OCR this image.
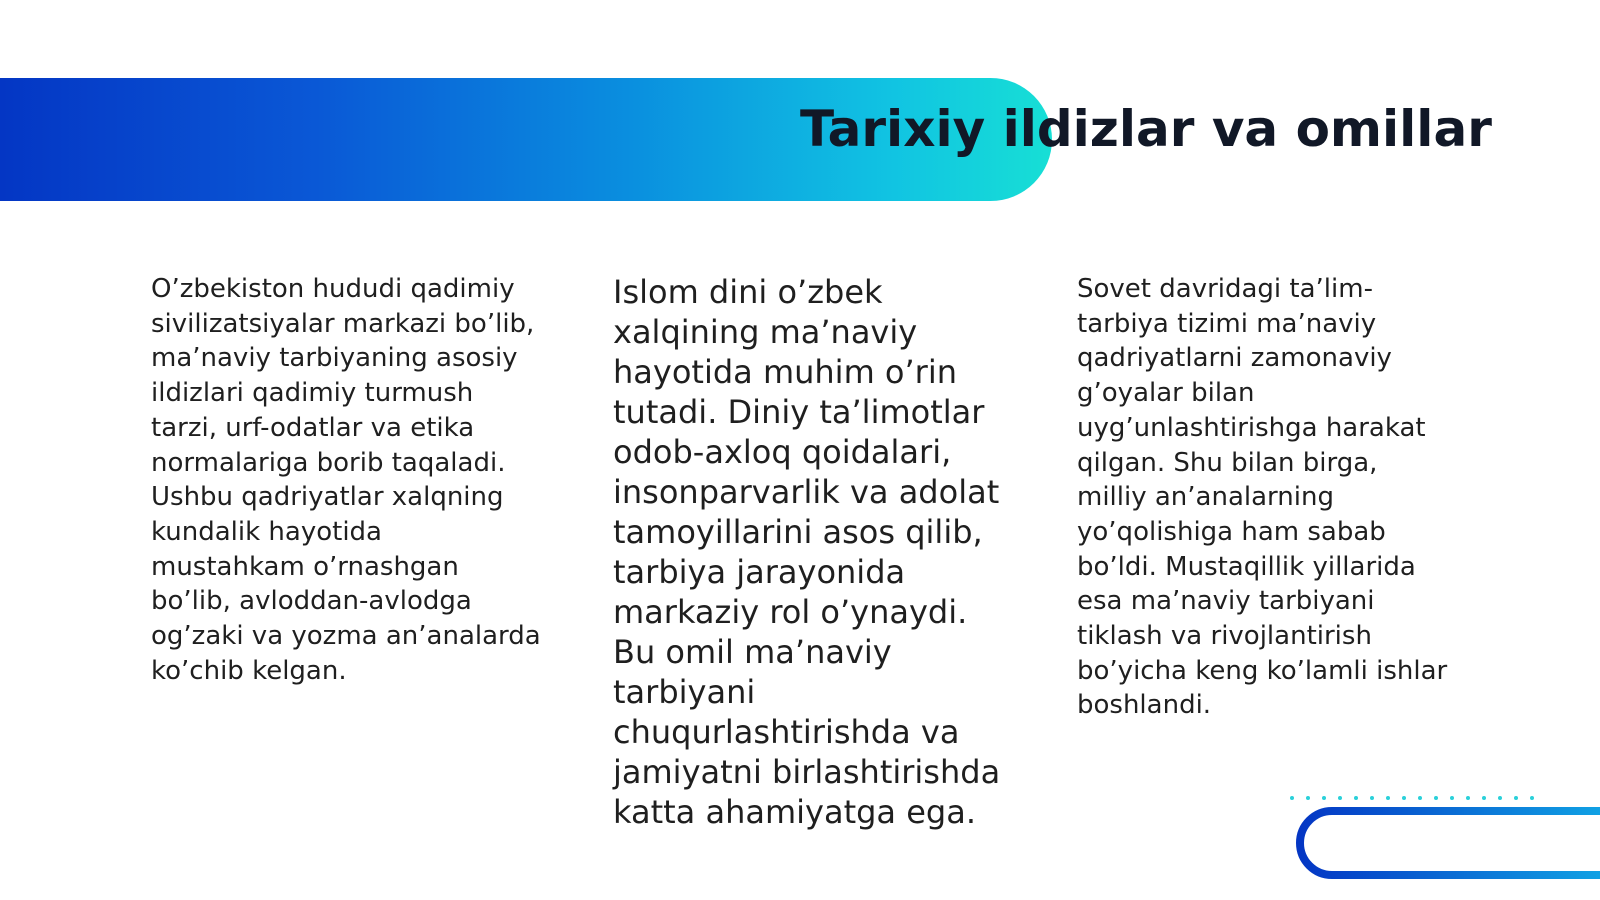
Tarixiy ildizlar va omillar

O’zbekiston hududi qadimiy sivilizatsiyalar markazi bo’lib, ma’naviy tarbiyaning asosiy ildizlari qadimiy turmush tarzi, urf-odatlar va etika normalariga borib taqaladi. Ushbu qadriyatlar xalqning kundalik hayotida mustahkam o’rnashgan bo’lib, avloddan-avlodga og’zaki va yozma an’analarda ko’chib kelgan.

Islom dini o’zbek xalqining ma’naviy hayotida muhim o’rin tutadi. Diniy ta’limotlar odob-axloq qoidalari, insonparvarlik va adolat tamoyillarini asos qilib, tarbiya jarayonida markaziy rol o’ynaydi. Bu omil ma’naviy tarbiyani chuqurlashtirishda va jamiyatni birlashtirishda katta ahamiyatga ega.

Sovet davridagi ta’lim-tarbiya tizimi ma’naviy qadriyatlarni zamonaviy g’oyalar bilan uyg’unlashtirishga harakat qilgan. Shu bilan birga, milliy an’analarning yo’qolishiga ham sabab bo’ldi. Mustaqillik yillarida esa ma’naviy tarbiyani tiklash va rivojlantirish bo’yicha keng ko’lamli ishlar boshlandi.
